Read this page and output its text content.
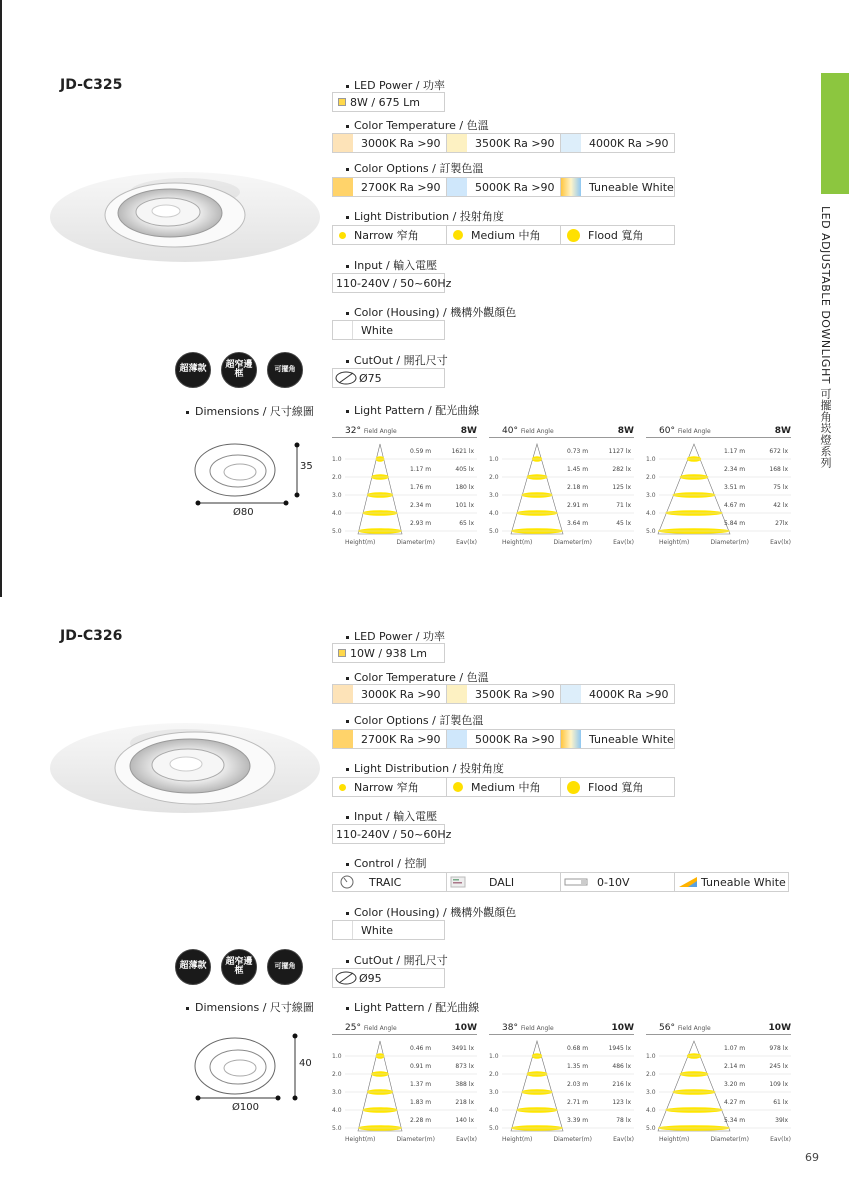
LED ADJUSTABLE DOWNLIGHT 可擺角崁燈系列
69
JD-C325
超薄款	超窄邊框	可擺角
Dimensions / 尺寸線圖
35
Ø80
LED Power / 功率
8W / 675 Lm
Color Temperature / 色溫
3000K Ra >90	3500K Ra >90	4000K Ra >90
Color Options / 訂製色溫
2700K Ra >90	5000K Ra >90	Tuneable White
Light Distribution / 投射角度
Narrow 窄角	Medium 中角	Flood 寬角
Input / 輸入電壓
110-240V / 50~60Hz
Color (Housing) / 機構外觀顏色
White
CutOut / 開孔尺寸
Ø75
Light Pattern / 配光曲線
32° Field Angle	8W
1.0
0.59 m	1621 lx
2.0
1.17 m	405 lx
3.0
1.76 m	180 lx
4.0
2.34 m	101 lx
5.0
2.93 m	65 lx
Height(m)	Diameter(m)	Eav(lx)
40° Field Angle	8W
1.0
0.73 m	1127 lx
2.0
1.45 m	282 lx
3.0
2.18 m	125 lx
4.0
2.91 m	71 lx
5.0
3.64 m	45 lx
Height(m)	Diameter(m)	Eav(lx)
60° Field Angle	8W
1.0
1.17 m	672 lx
2.0
2.34 m	168 lx
3.0
3.51 m	75 lx
4.0
4.67 m	42 lx
5.0
5.84 m	27lx
Height(m)	Diameter(m)	Eav(lx)
JD-C326
超薄款	超窄邊框	可擺角
Dimensions / 尺寸線圖
40
Ø100
LED Power / 功率
10W / 938 Lm
Color Temperature / 色溫
3000K Ra >90	3500K Ra >90	4000K Ra >90
Color Options / 訂製色溫
2700K Ra >90	5000K Ra >90	Tuneable White
Light Distribution / 投射角度
Narrow 窄角	Medium 中角	Flood 寬角
Input / 輸入電壓
110-240V / 50~60Hz
Control / 控制
TRAIC	DALI	0-10V	Tuneable White
Color (Housing) / 機構外觀顏色
White
CutOut / 開孔尺寸
Ø95
Light Pattern / 配光曲線
25° Field Angle	10W
1.0
0.46 m	3491 lx
2.0
0.91 m	873 lx
3.0
1.37 m	388 lx
4.0
1.83 m	218 lx
5.0
2.28 m	140 lx
Height(m)	Diameter(m)	Eav(lx)
38° Field Angle	10W
1.0
0.68 m	1945 lx
2.0
1.35 m	486 lx
3.0
2.03 m	216 lx
4.0
2.71 m	123 lx
5.0
3.39 m	78 lx
Height(m)	Diameter(m)	Eav(lx)
56° Field Angle	10W
1.0
1.07 m	978 lx
2.0
2.14 m	245 lx
3.0
3.20 m	109 lx
4.0
4.27 m	61 lx
5.0
5.34 m	39lx
Height(m)	Diameter(m)	Eav(lx)
